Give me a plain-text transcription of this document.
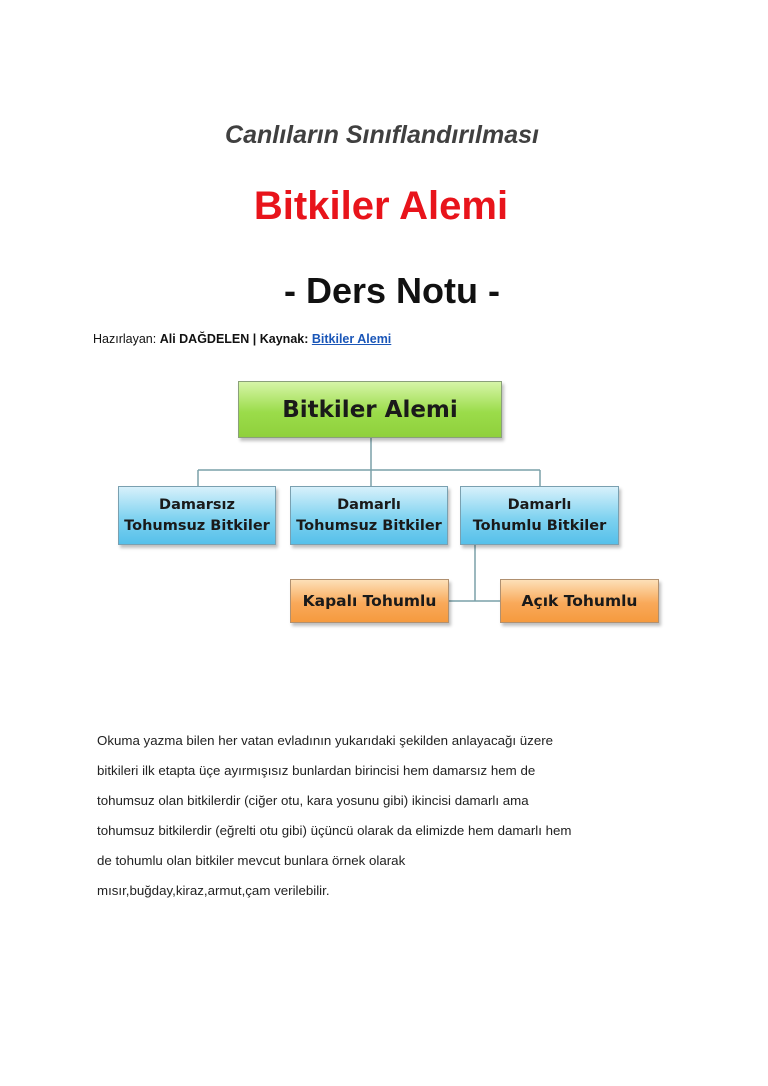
Canlıların Sınıflandırılması
Bitkiler Alemi
- Ders Notu -
Hazırlayan: Ali DAĞDELEN | Kaynak: Bitkiler Alemi
Bitkiler Alemi
Damarsız
Tohumsuz Bitkiler
Damarlı
Tohumsuz Bitkiler
Damarlı
Tohumlu Bitkiler
Kapalı Tohumlu	Açık Tohumlu
Okuma yazma bilen her vatan evladının yukarıdaki şekilden anlayacağı üzere
bitkileri ilk etapta üçe ayırmışısız bunlardan birincisi hem damarsız hem de
tohumsuz olan bitkilerdir (ciğer otu, kara yosunu gibi) ikincisi damarlı ama
tohumsuz bitkilerdir (eğrelti otu gibi) üçüncü olarak da elimizde hem damarlı hem
de tohumlu olan bitkiler mevcut bunlara örnek olarak
mısır,buğday,kiraz,armut,çam verilebilir.
